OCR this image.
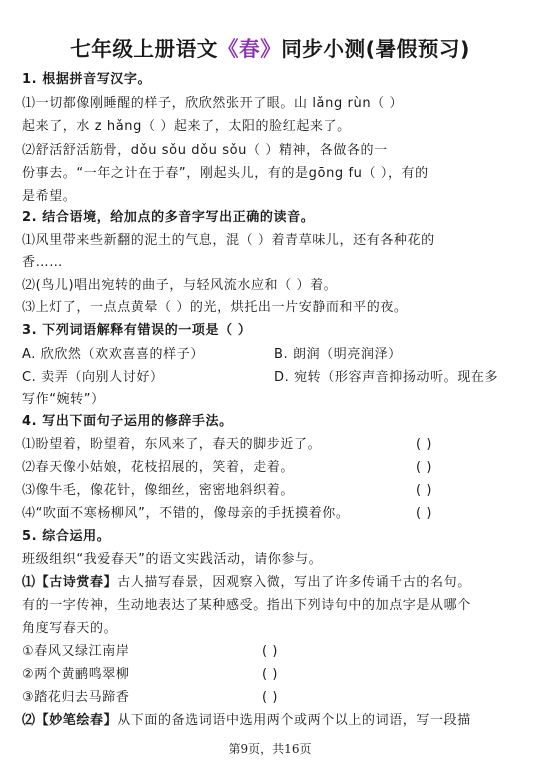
七年级上册语文《春》同步小测(暑假预习)
1. 根据拼音写汉字。
⑴一切都像刚睡醒的样子，欣欣然张开了眼。山 lǎng rùn（ ）
起来了，水 z hǎng（ ）起来了，太阳的脸红起来了。
⑵舒活舒活筋骨，dǒu sǒu dǒu sǒu（ ）精神，各做各的一
份事去。“一年之计在于春”，刚起头儿，有的是gōng fu（ ），有的
是希望。
2. 结合语境，给加点的多音字写出正确的读音。
⑴风里带来些新翻的泥土的气息，混（ ）着青草味儿，还有各种花的
香……
⑵(鸟儿)唱出宛转的曲子，与轻风流水应和（ ）着。
⑶上灯了，一点点黄晕（ ）的光，烘托出一片安静而和平的夜。
3. 下列词语解释有错误的一项是（ ）
A. 欣欣然（欢欢喜喜的样子）	B. 朗润（明亮润泽）
C. 卖弄（向别人讨好）	D. 宛转（形容声音抑扬动听。现在多
写作“婉转”）
4. 写出下面句子运用的修辞手法。
⑴盼望着，盼望着，东风来了，春天的脚步近了。	( )
⑵春天像小姑娘，花枝招展的，笑着，走着。	( )
⑶像牛毛，像花针，像细丝，密密地斜织着。	( )
⑷“吹面不寒杨柳风”，不错的，像母亲的手抚摸着你。	( )
5. 综合运用。
班级组织“我爱春天”的语文实践活动，请你参与。
⑴【古诗赏春】古人描写春景，因观察入微，写出了许多传诵千古的名句。
有的一字传神，生动地表达了某种感受。指出下列诗句中的加点字是从哪个
角度写春天的。
①春风又绿江南岸	( )
②两个黄鹂鸣翠柳	( )
③踏花归去马蹄香	( )
⑵【妙笔绘春】从下面的备选词语中选用两个或两个以上的词语，写一段描
第9页，共16页
